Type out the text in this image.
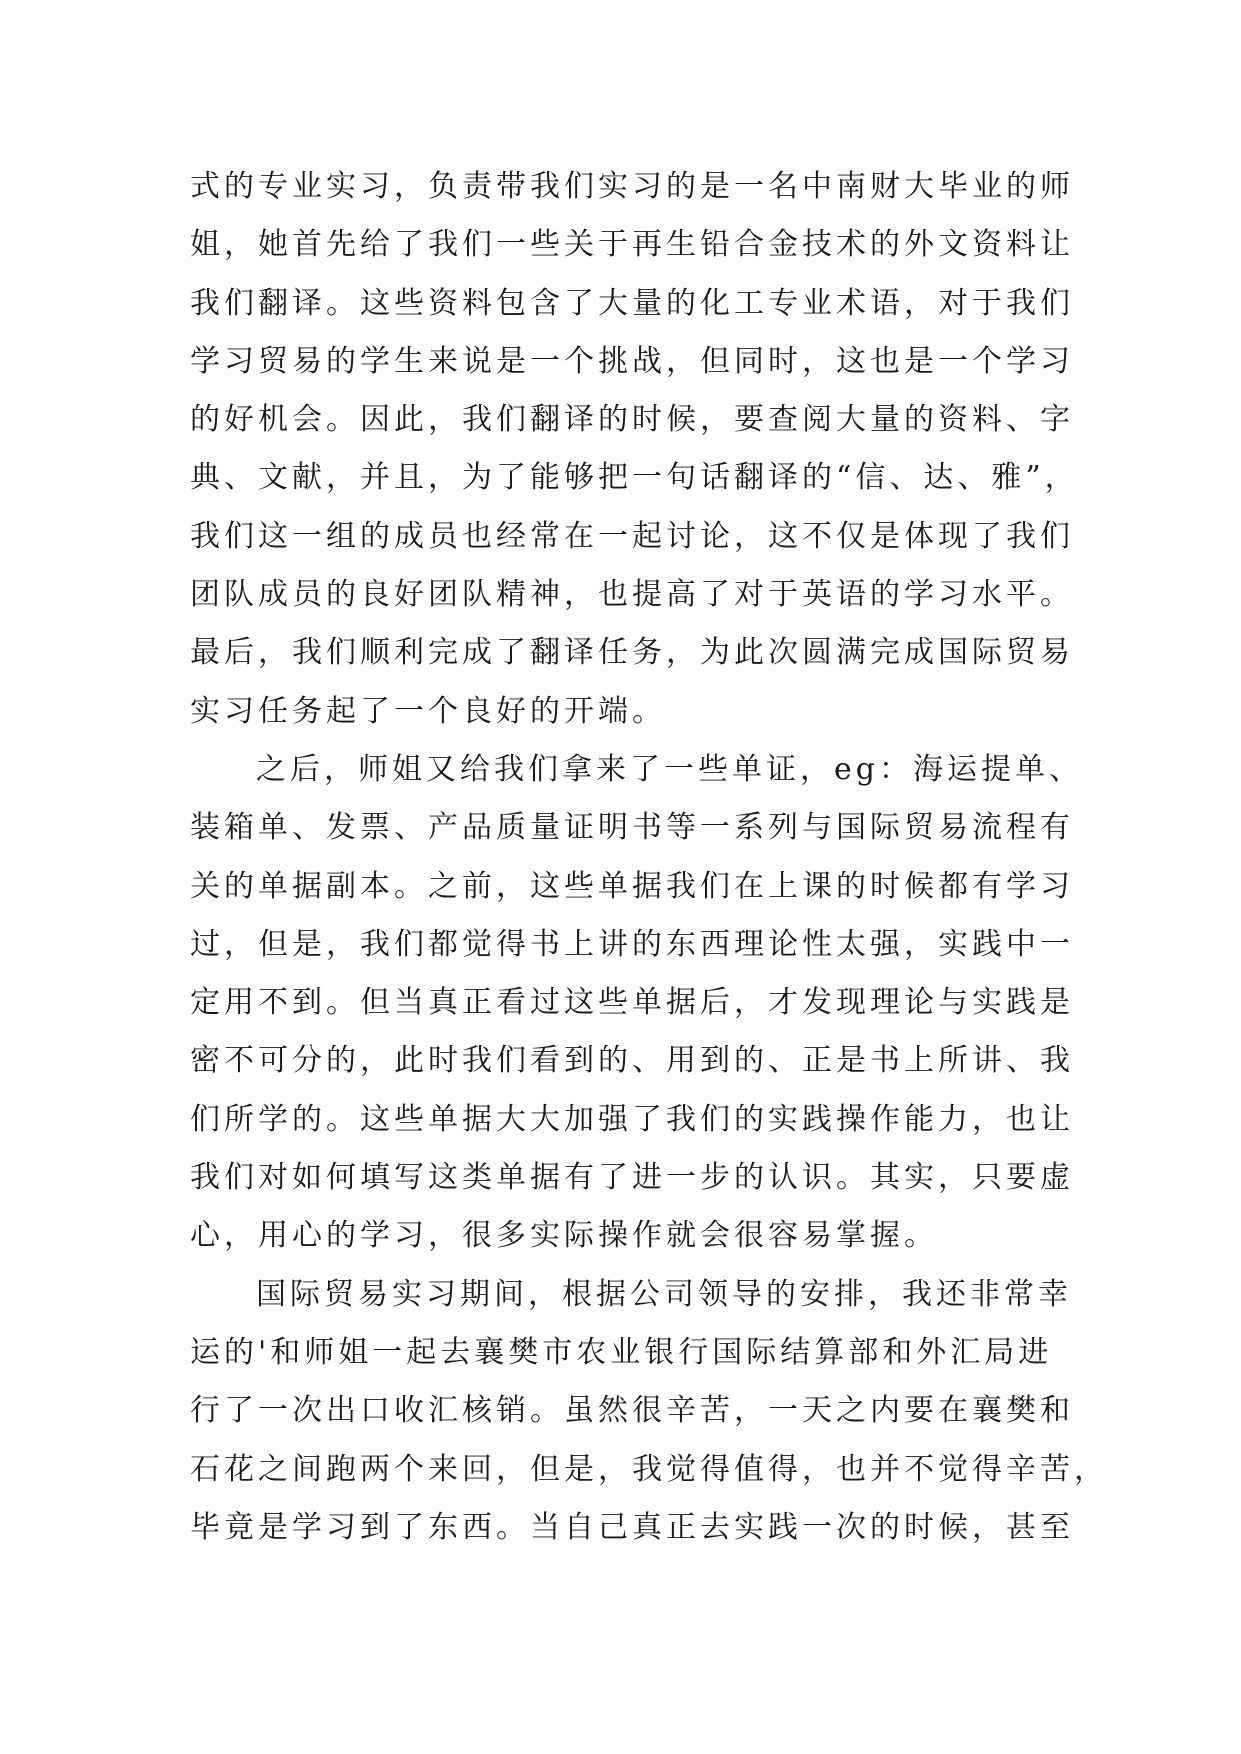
式的专业实习，负责带我们实习的是一名中南财大毕业的师
姐，她首先给了我们一些关于再生铅合金技术的外文资料让
我们翻译。这些资料包含了大量的化工专业术语，对于我们
学习贸易的学生来说是一个挑战，但同时，这也是一个学习
的好机会。因此，我们翻译的时候，要查阅大量的资料、字
典、文献，并且，为了能够把一句话翻译的“信、达、雅”，
我们这一组的成员也经常在一起讨论，这不仅是体现了我们
团队成员的良好团队精神，也提高了对于英语的学习水平。
最后，我们顺利完成了翻译任务，为此次圆满完成国际贸易
实习任务起了一个良好的开端。
之后，师姐又给我们拿来了一些单证，eg：海运提单、
装箱单、发票、产品质量证明书等一系列与国际贸易流程有
关的单据副本。之前，这些单据我们在上课的时候都有学习
过，但是，我们都觉得书上讲的东西理论性太强，实践中一
定用不到。但当真正看过这些单据后，才发现理论与实践是
密不可分的，此时我们看到的、用到的、正是书上所讲、我
们所学的。这些单据大大加强了我们的实践操作能力，也让
我们对如何填写这类单据有了进一步的认识。其实，只要虚
心，用心的学习，很多实际操作就会很容易掌握。
国际贸易实习期间，根据公司领导的安排，我还非常幸
运的'和师姐一起去襄樊市农业银行国际结算部和外汇局进
行了一次出口收汇核销。虽然很辛苦，一天之内要在襄樊和
石花之间跑两个来回，但是，我觉得值得，也并不觉得辛苦，
毕竟是学习到了东西。当自己真正去实践一次的时候，甚至
